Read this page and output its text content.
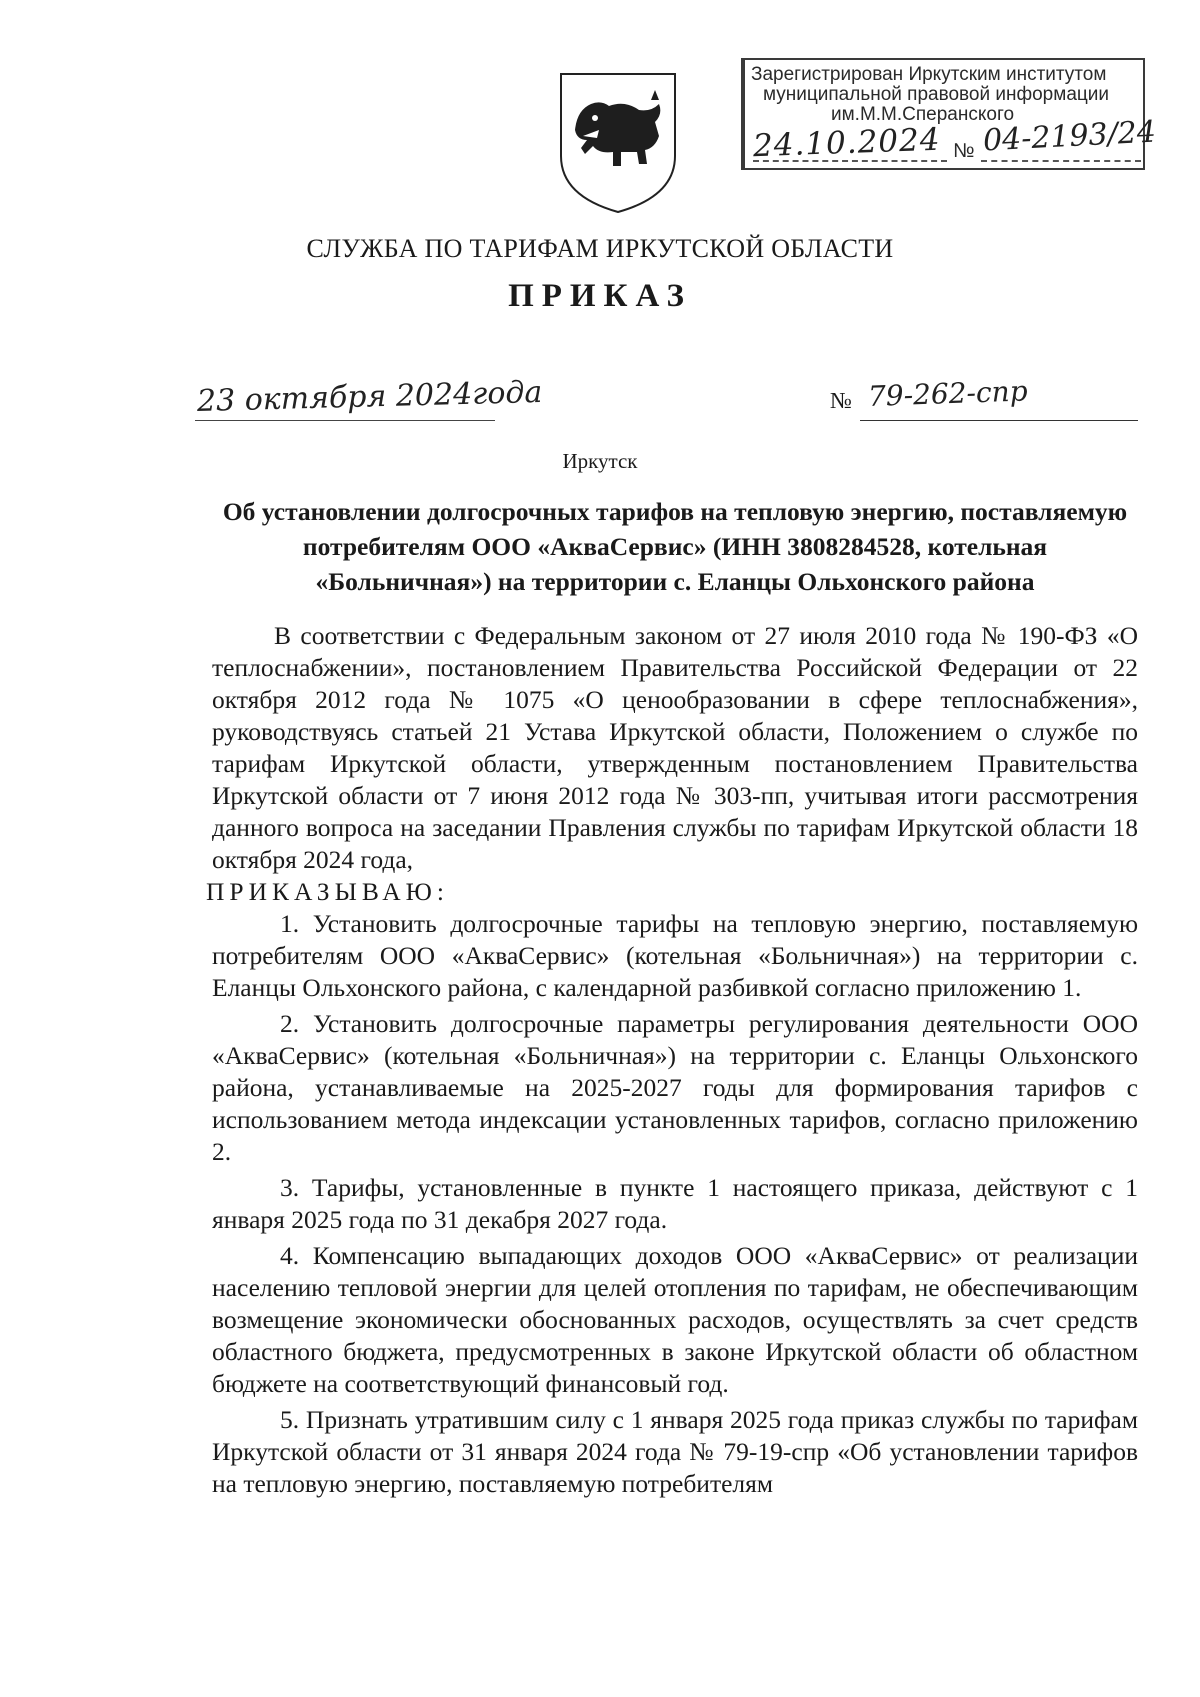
Зарегистрирован Иркутским институтом
муниципальной правовой информации
им.М.М.Сперанского
24.10.2024 № 04-2193/24
СЛУЖБА ПО ТАРИФАМ ИРКУТСКОЙ ОБЛАСТИ
ПРИКАЗ
23 октября 2024года	№ 79-262-спр
Иркутск

Об установлении долгосрочных тарифов на тепловую энергию, поставляемую потребителям ООО «АкваСервис» (ИНН 3808284528, котельная «Больничная») на территории с. Еланцы Ольхонского района

В соответствии с Федеральным законом от 27 июля 2010 года № 190-ФЗ «О теплоснабжении», постановлением Правительства Российской Федерации от 22 октября 2012 года № 1075 «О ценообразовании в сфере теплоснабжения», руководствуясь статьей 21 Устава Иркутской области, Положением о службе по тарифам Иркутской области, утвержденным постановлением Правительства Иркутской области от 7 июня 2012 года № 303-пп, учитывая итоги рассмотрения данного вопроса на заседании Правления службы по тарифам Иркутской области 18 октября 2024 года,

ПРИКАЗЫВАЮ:

1. Установить долгосрочные тарифы на тепловую энергию, поставляемую потребителям ООО «АкваСервис» (котельная «Больничная») на территории с. Еланцы Ольхонского района, с календарной разбивкой согласно приложению 1.

2. Установить долгосрочные параметры регулирования деятельности ООО «АкваСервис» (котельная «Больничная») на территории с. Еланцы Ольхонского района, устанавливаемые на 2025-2027 годы для формирования тарифов с использованием метода индексации установленных тарифов, согласно приложению 2.

3. Тарифы, установленные в пункте 1 настоящего приказа, действуют с 1 января 2025 года по 31 декабря 2027 года.

4. Компенсацию выпадающих доходов ООО «АкваСервис» от реализации населению тепловой энергии для целей отопления по тарифам, не обеспечивающим возмещение экономически обоснованных расходов, осуществлять за счет средств областного бюджета, предусмотренных в законе Иркутской области об областном бюджете на соответствующий финансовый год.

5. Признать утратившим силу с 1 января 2025 года приказ службы по тарифам Иркутской области от 31 января 2024 года № 79-19-спр «Об установлении тарифов на тепловую энергию, поставляемую потребителям
